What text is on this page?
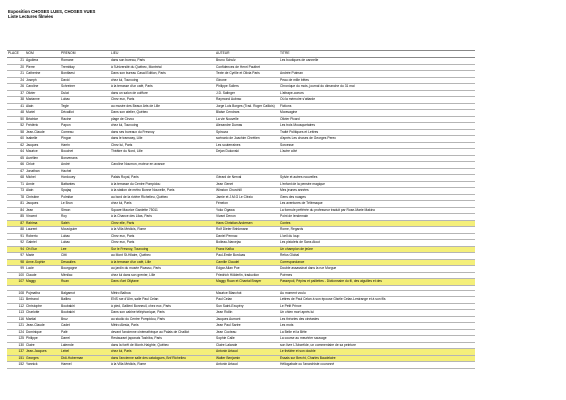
Exposition CHOSES LUES, CHOSES VUES
Liste Lectures filmées
PLACE	NOM	PRENOM	LIEU	AUTEUR	TITRE
21	Aguilera	Romane	dans son bureau, Paris	Bruno Schulz	Les boutiques de cannelle
20	Pierre	Tremblay	à l'Université du Québec, Montréal	Confidences de Henri Pauthet	
21	Catherine	Bonifaesi	Dans son bureau Casal Edition, Paris	Texte de Cyrille et Olivia Paris	Andrée Putman
24	Joseph	David	chez lui, Tourcoing	Ginone	Peau de mille bêtes
26	Caroline	Schreiner	à la terrasse d'un café, Paris	Philippe Sollers	Chronique du mois, journal du dimanche du 31 mai
37	Olivier	Dulat	dans un salon de coiffure	J.D. Salinger	L'attrape-coeurs
38	Marianne	Lubac	Chez eux, Paris	Raymond Aubrac	Où la mémoire s'attarde
41	Alain	Tegle	au musée des Beaux Arts de Lille	Jorge Luis Borges (Trad. Roger Caillois)	Fictions
48	Muriel	Décaillot	Dans son atelier, Québec	Blaise Cendrars	Moravagine
50	Béatrice	Racine	plage de Cirvoo	La vie Nouvelle	Olivier Picard
52	Frédéric	Papon	chez lui, Tourcoing	Alexandre Dumas	Les trois Mousquetaires
58	Jean-Claude	Comeau	dans ses bureaux du Fresnoy	Spinoza	Traité Politiques et Lettres
60	Isabelle	Pingon	dans le tramway, Lille	scénario de Joachim Chrétien	d'après Les choses de Georges Perec
62	Jacques	Harrin	Chez lui, Paris	Les souterraines	Sorcesse
64	Maurice	Bouchet	Théâtre du Nord, Lille	Dejan Dukovski	L'autre côté
65	Aurélien	Bonvenans			
66	Chloé	André	Caroline Noumon, moteur en avance		
67	Jonathan	Hachel			
68	Michel	Hordouey	Palais Royal, Paris	Gérard de Nerval	Sylvie et autres nouvelles
71	Annie	Battantes	à la terrasse du Centre Pompidou	Jean Genet	L'enfant de la pensée magique
73	Alain	Spajaq	à la station de métro Bonne Nouvelle, Paris	Winston Churchill	Mes jeunes années
78	Christine	Polmitar	au bord de la rivière Richelieu, Québec	Jamie et J.M.G Le Clézio	Gens des nuages
81	Jacques	Le Brun	chez lui, Paris	Fénelon	Les aventures de Télémaque
84	Jean	Simon	Square Maurice Gardette 75011	Yoko Ogawa	La formule préférée du professeur traduit par Rose-Marie Makino
85	Vincent	Roy	à la Chance des Lilas, Paris	Vivant Denon	Point de lendemain
87	Rahima	Saleh	Chez elle, Paris	Hans Christian Andersen	Contes
88	Laurent	Mouviguier	à la Villa Médicis, Rome	Rolf Dieter Brinkmann	Rome, Regards
91	Roberto	Lubac	Chez eux, Paris	Daniel Pennac	L'oeil du loup
92	Gabriel	Lubac	Chez eux, Paris	Boileau-Narcejac	Les pistolets de Sans Atout
94	Oh Eun	Lee	Sur le Fresnoy, Tourcoing	Franz Kafka	Un champion de jeûne
97	Marie	Citti	au Mont St-Hilaire, Québec	Paul-Emile Borduas	Refus Global
98	Anne-Sophie	Desaulles	à la terrasse d'un café, Lille	Camille Claudel	Correspondance
99	Lucie	Bourgogne	au jardin du musée Picasso, Paris	Edgar Allan Poe	Double assassinat dans la rue Morgue
100	Claude	Ménilac	chez lui dans son grenier, Lille	Friedrich Hölderlin, traduction	Poèmes
107	Maggy	Ruan	Dans d'art Ollylane	Maggy Ruan et Chantal Brayer	Passepoil, Pépins et paillettes - Dictionnaire du fil, des aiguilles et des

108	Pujmatha	Balgamot	Métro Balboa	Maurice Blanchot	Au moment voulu
111	Bertrand	Bailleu	ENS rue d'Ulm, salle Paul Celan	Paul Celan	Lettres de Paul Celan à son épouse Gisèle Celan-Lestrange et à son fils
112	Christophe	Boubakiri	à pied, Gallieni Bonneuil, chez eux, Paris	Sun Saint-Exupéry	Le Petit Prince
113	Charlotte	Boubakiri	Dans son cabine téléphonique, Paris	Jean Rollin	Un chien mort après lui
116	Martial	Bruz	au studio du Centre Pompidou, Paris	Jacques Aumont	Les théories des cinéastes
121	Jean-Claude	Cadet	Métro Alesia, Paris	Jean Paul Sartre	Les mots
124	Dominique	Palé	devant l'ancienne cinémathèque au Palais de Chaillot	Jean Cocteau	La Belle et la Bête
125	Philippe	Darrel	Restaurant japonais Toshiba, Paris	Sophie Calle	La course au meurtrier sauvage
130	Claire	Lalemde	dans la forêt de Montr-Haighte, Québec	Claire Lalande	son livre L'Abcrélde, un commentaire de sa peinture
137	Jean-Jacques	Lebel	chez lui, Paris	Antonin Artaud	Le théâtre et son double
151	Georges	Didi-Huberman	dans l'ancienne salle des catalogues, Bnf Richelieu	Walter Benjamin	Essais sur Brecht, Charles Baudelaire
152	Yannick	Haenel	à la Villa Médicis, Rome	Antonin Artaud	Héliogabale ou l'anarchiste couronné
